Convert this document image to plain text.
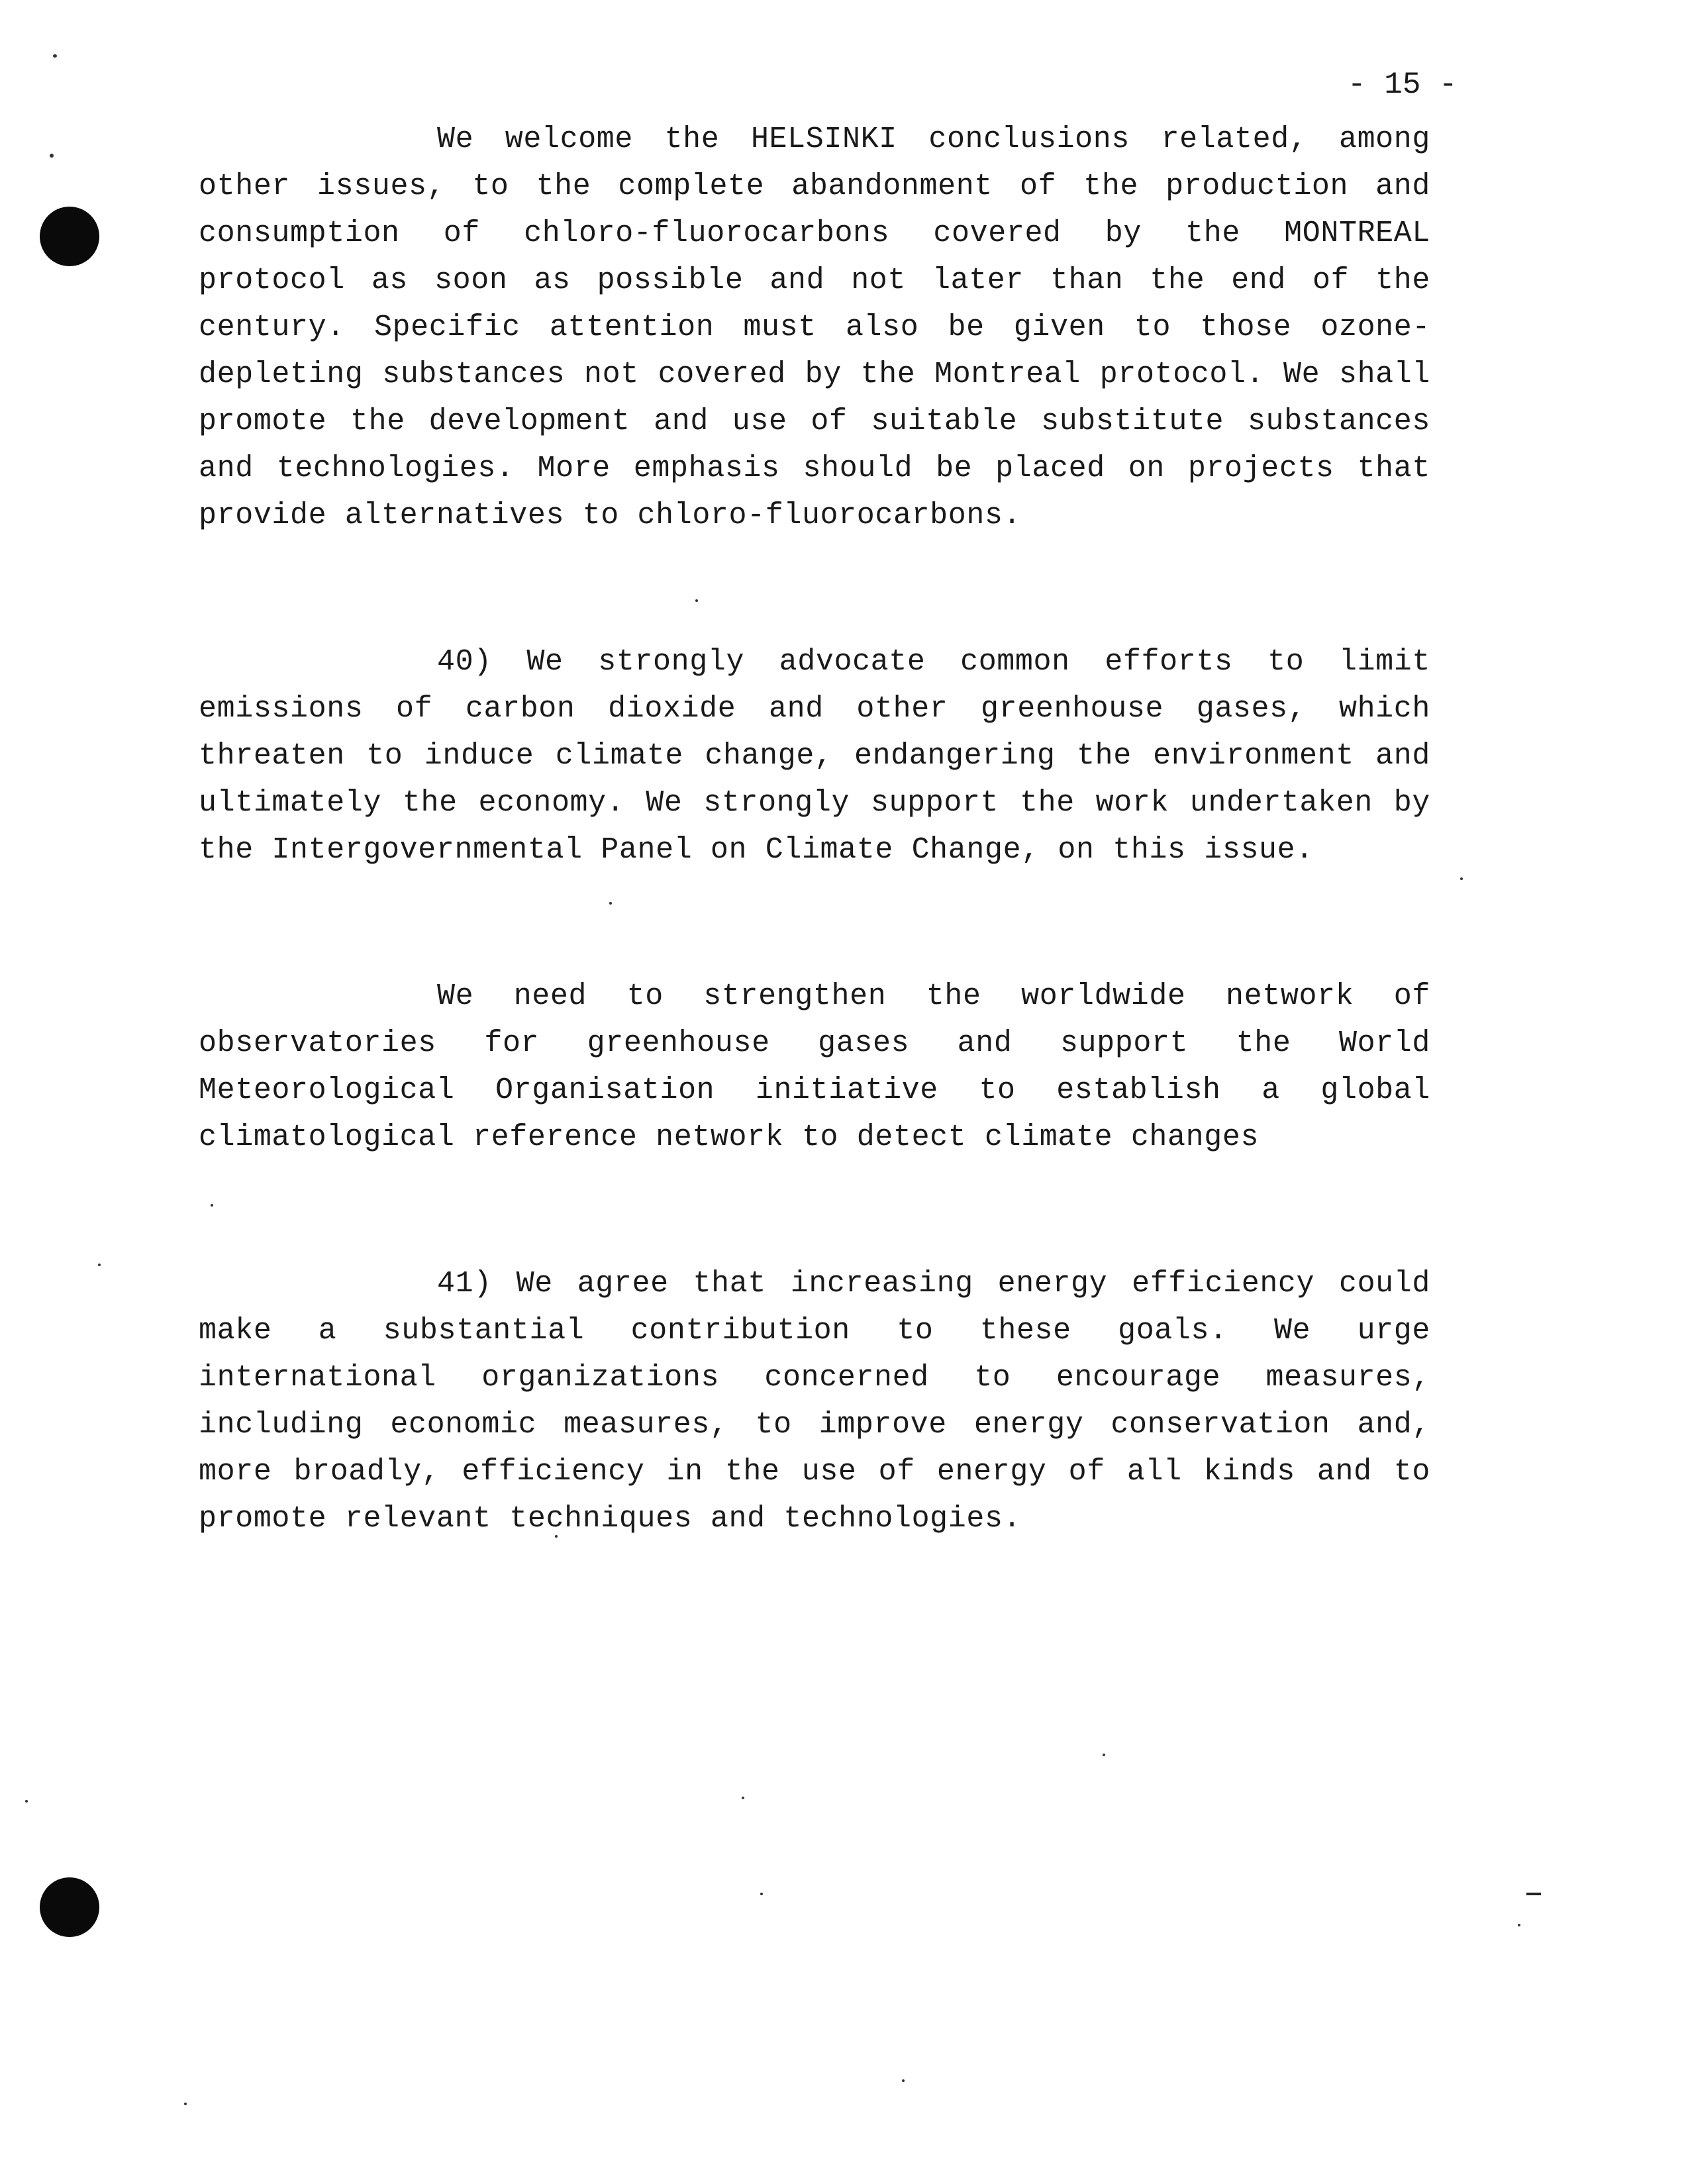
- 15 -

We welcome the HELSINKI conclusions related, among other issues, to the complete abandonment of the production and consumption of chloro-fluorocarbons covered by the MONTREAL protocol as soon as possible and not later than the end of the century. Specific attention must also be given to those ozone-depleting substances not covered by the Montreal protocol. We shall promote the development and use of suitable substitute substances and technologies. More emphasis should be placed on projects that provide alternatives to chloro-fluorocarbons.

40) We strongly advocate common efforts to limit emissions of carbon dioxide and other greenhouse gases, which threaten to induce climate change, endangering the environment and ultimately the economy. We strongly support the work undertaken by the Intergovernmental Panel on Climate Change, on this issue.

We need to strengthen the worldwide network of observatories for greenhouse gases and support the World Meteorological Organisation initiative to establish a global climatological reference network to detect climate changes

41) We agree that increasing energy efficiency could make a substantial contribution to these goals. We urge international organizations concerned to encourage measures, including economic measures, to improve energy conservation and, more broadly, efficiency in the use of energy of all kinds and to promote relevant techniques and technologies.
